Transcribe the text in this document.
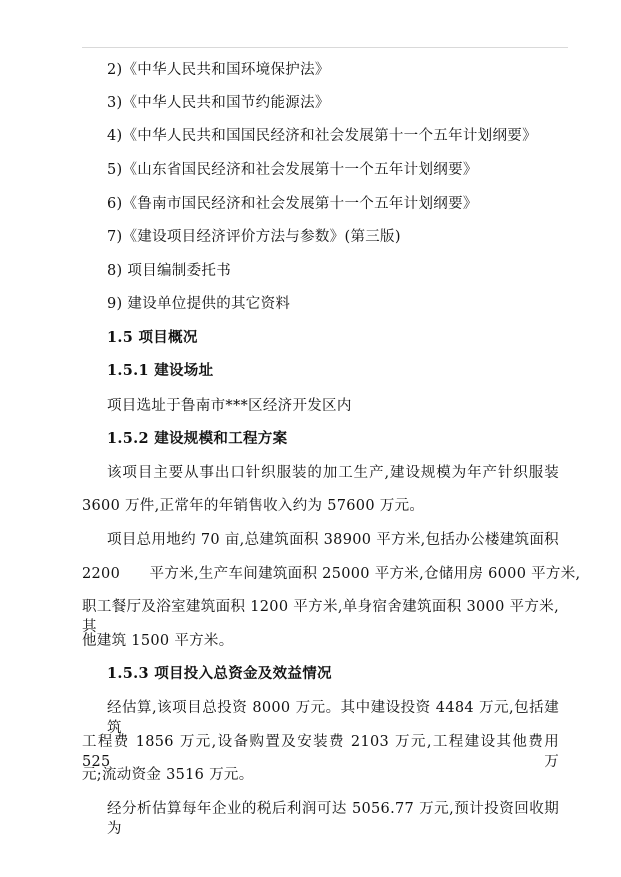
2)《中华人民共和国环境保护法》
3)《中华人民共和国节约能源法》
4)《中华人民共和国国民经济和社会发展第十一个五年计划纲要》
5)《山东省国民经济和社会发展第十一个五年计划纲要》
6)《鲁南市国民经济和社会发展第十一个五年计划纲要》
7)《建设项目经济评价方法与参数》(第三版)
8) 项目编制委托书
9) 建设单位提供的其它资料
1.5 项目概况
1.5.1 建设场址
项目选址于鲁南市***区经济开发区内
1.5.2 建设规模和工程方案
该项目主要从事出口针织服装的加工生产,建设规模为年产针织服装
3600 万件,正常年的年销售收入约为 57600 万元。
项目总用地约 70 亩,总建筑面积 38900 平方米,包括办公楼建筑面积
2200      平方米,生产车间建筑面积 25000 平方米,仓储用房 6000 平方米,
职工餐厅及浴室建筑面积 1200 平方米,单身宿舍建筑面积 3000 平方米,其
他建筑 1500 平方米。
1.5.3 项目投入总资金及效益情况
经估算,该项目总投资 8000 万元。其中建设投资 4484 万元,包括建筑
工程费 1856 万元,设备购置及安装费 2103 万元,工程建设其他费用 525 万
元;流动资金 3516 万元。
经分析估算每年企业的税后利润可达 5056.77 万元,预计投资回收期为
